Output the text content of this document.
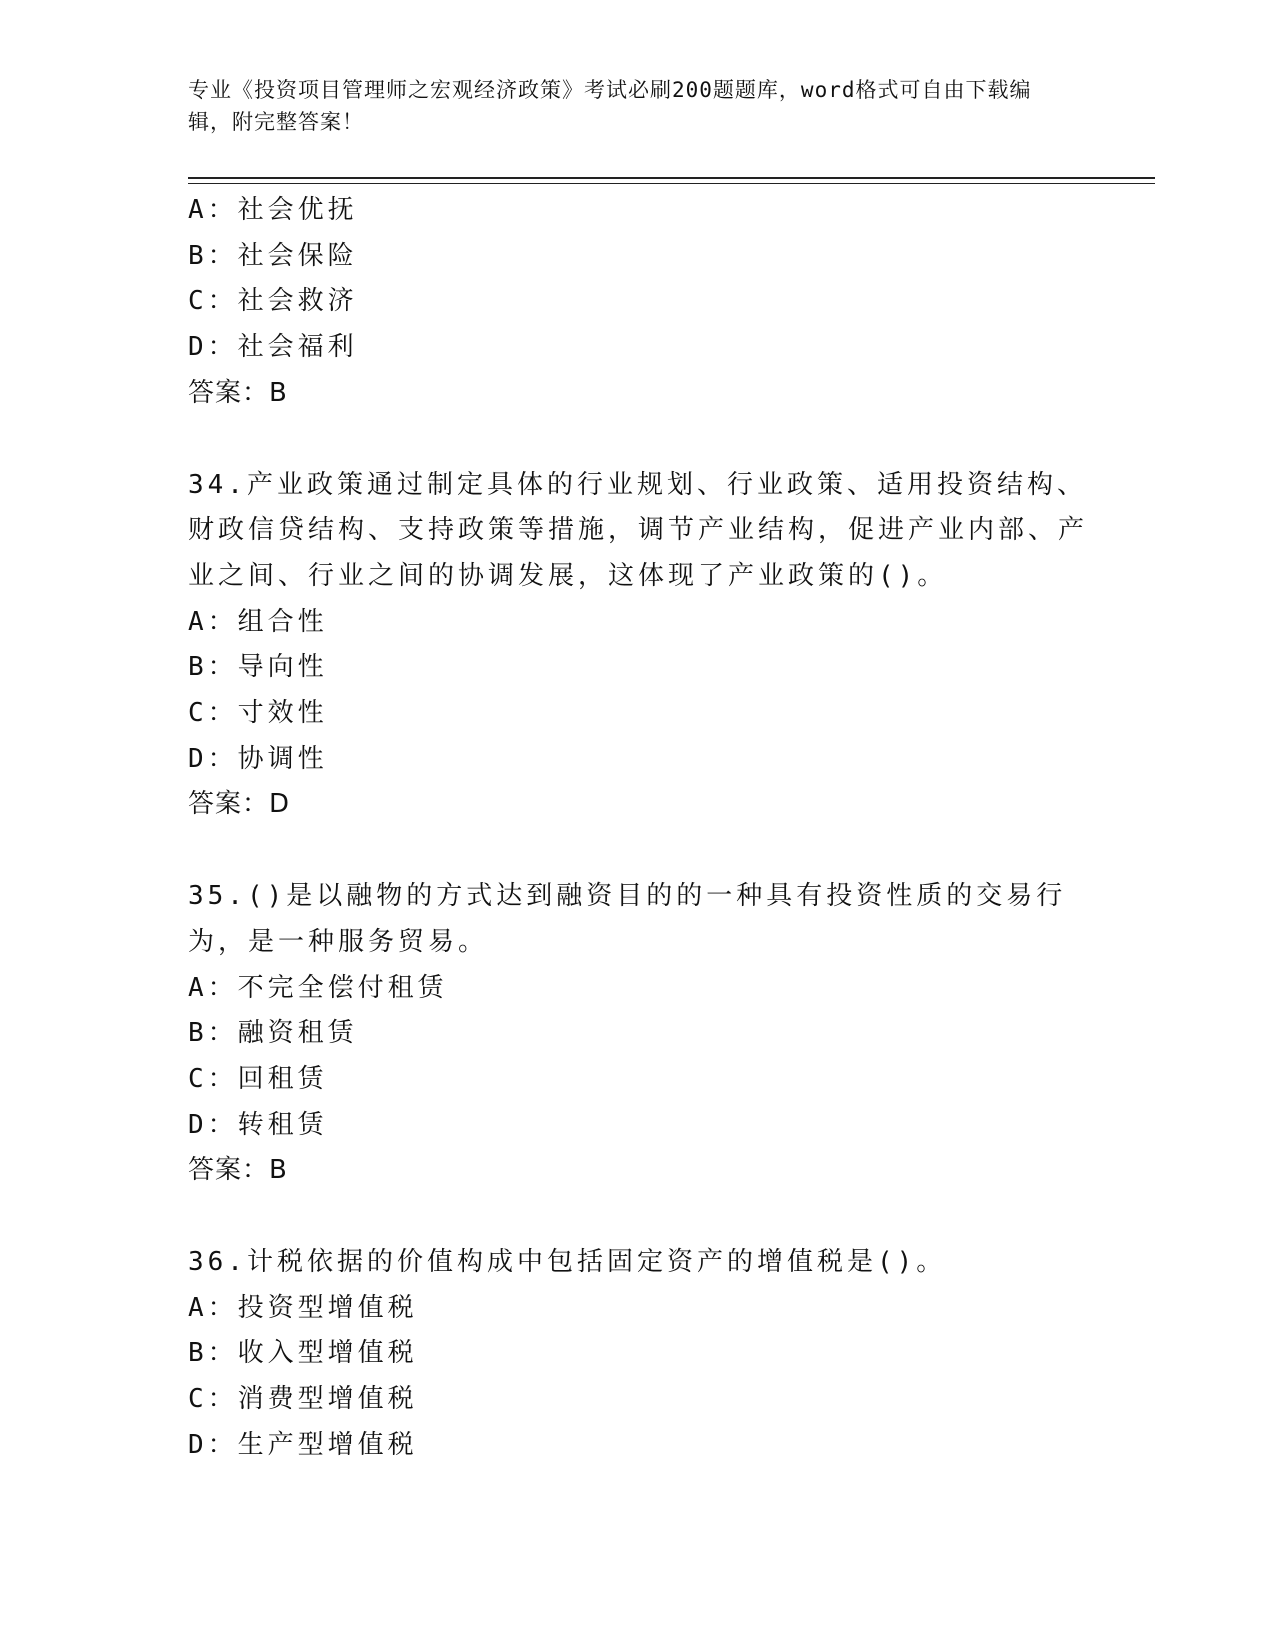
专业《投资项目管理师之宏观经济政策》考试必刷200题题库，word格式可自由下载编辑，附完整答案！
A：社会优抚
B：社会保险
C：社会救济
D：社会福利
答案：B
34.产业政策通过制定具体的行业规划、行业政策、适用投资结构、财政信贷结构、支持政策等措施，调节产业结构，促进产业内部、产业之间、行业之间的协调发展，这体现了产业政策的()。
A：组合性
B：导向性
C：寸效性
D：协调性
答案：D
35.()是以融物的方式达到融资目的的一种具有投资性质的交易行为，是一种服务贸易。
A：不完全偿付租赁
B：融资租赁
C：回租赁
D：转租赁
答案：B
36.计税依据的价值构成中包括固定资产的增值税是()。
A：投资型增值税
B：收入型增值税
C：消费型增值税
D：生产型增值税
